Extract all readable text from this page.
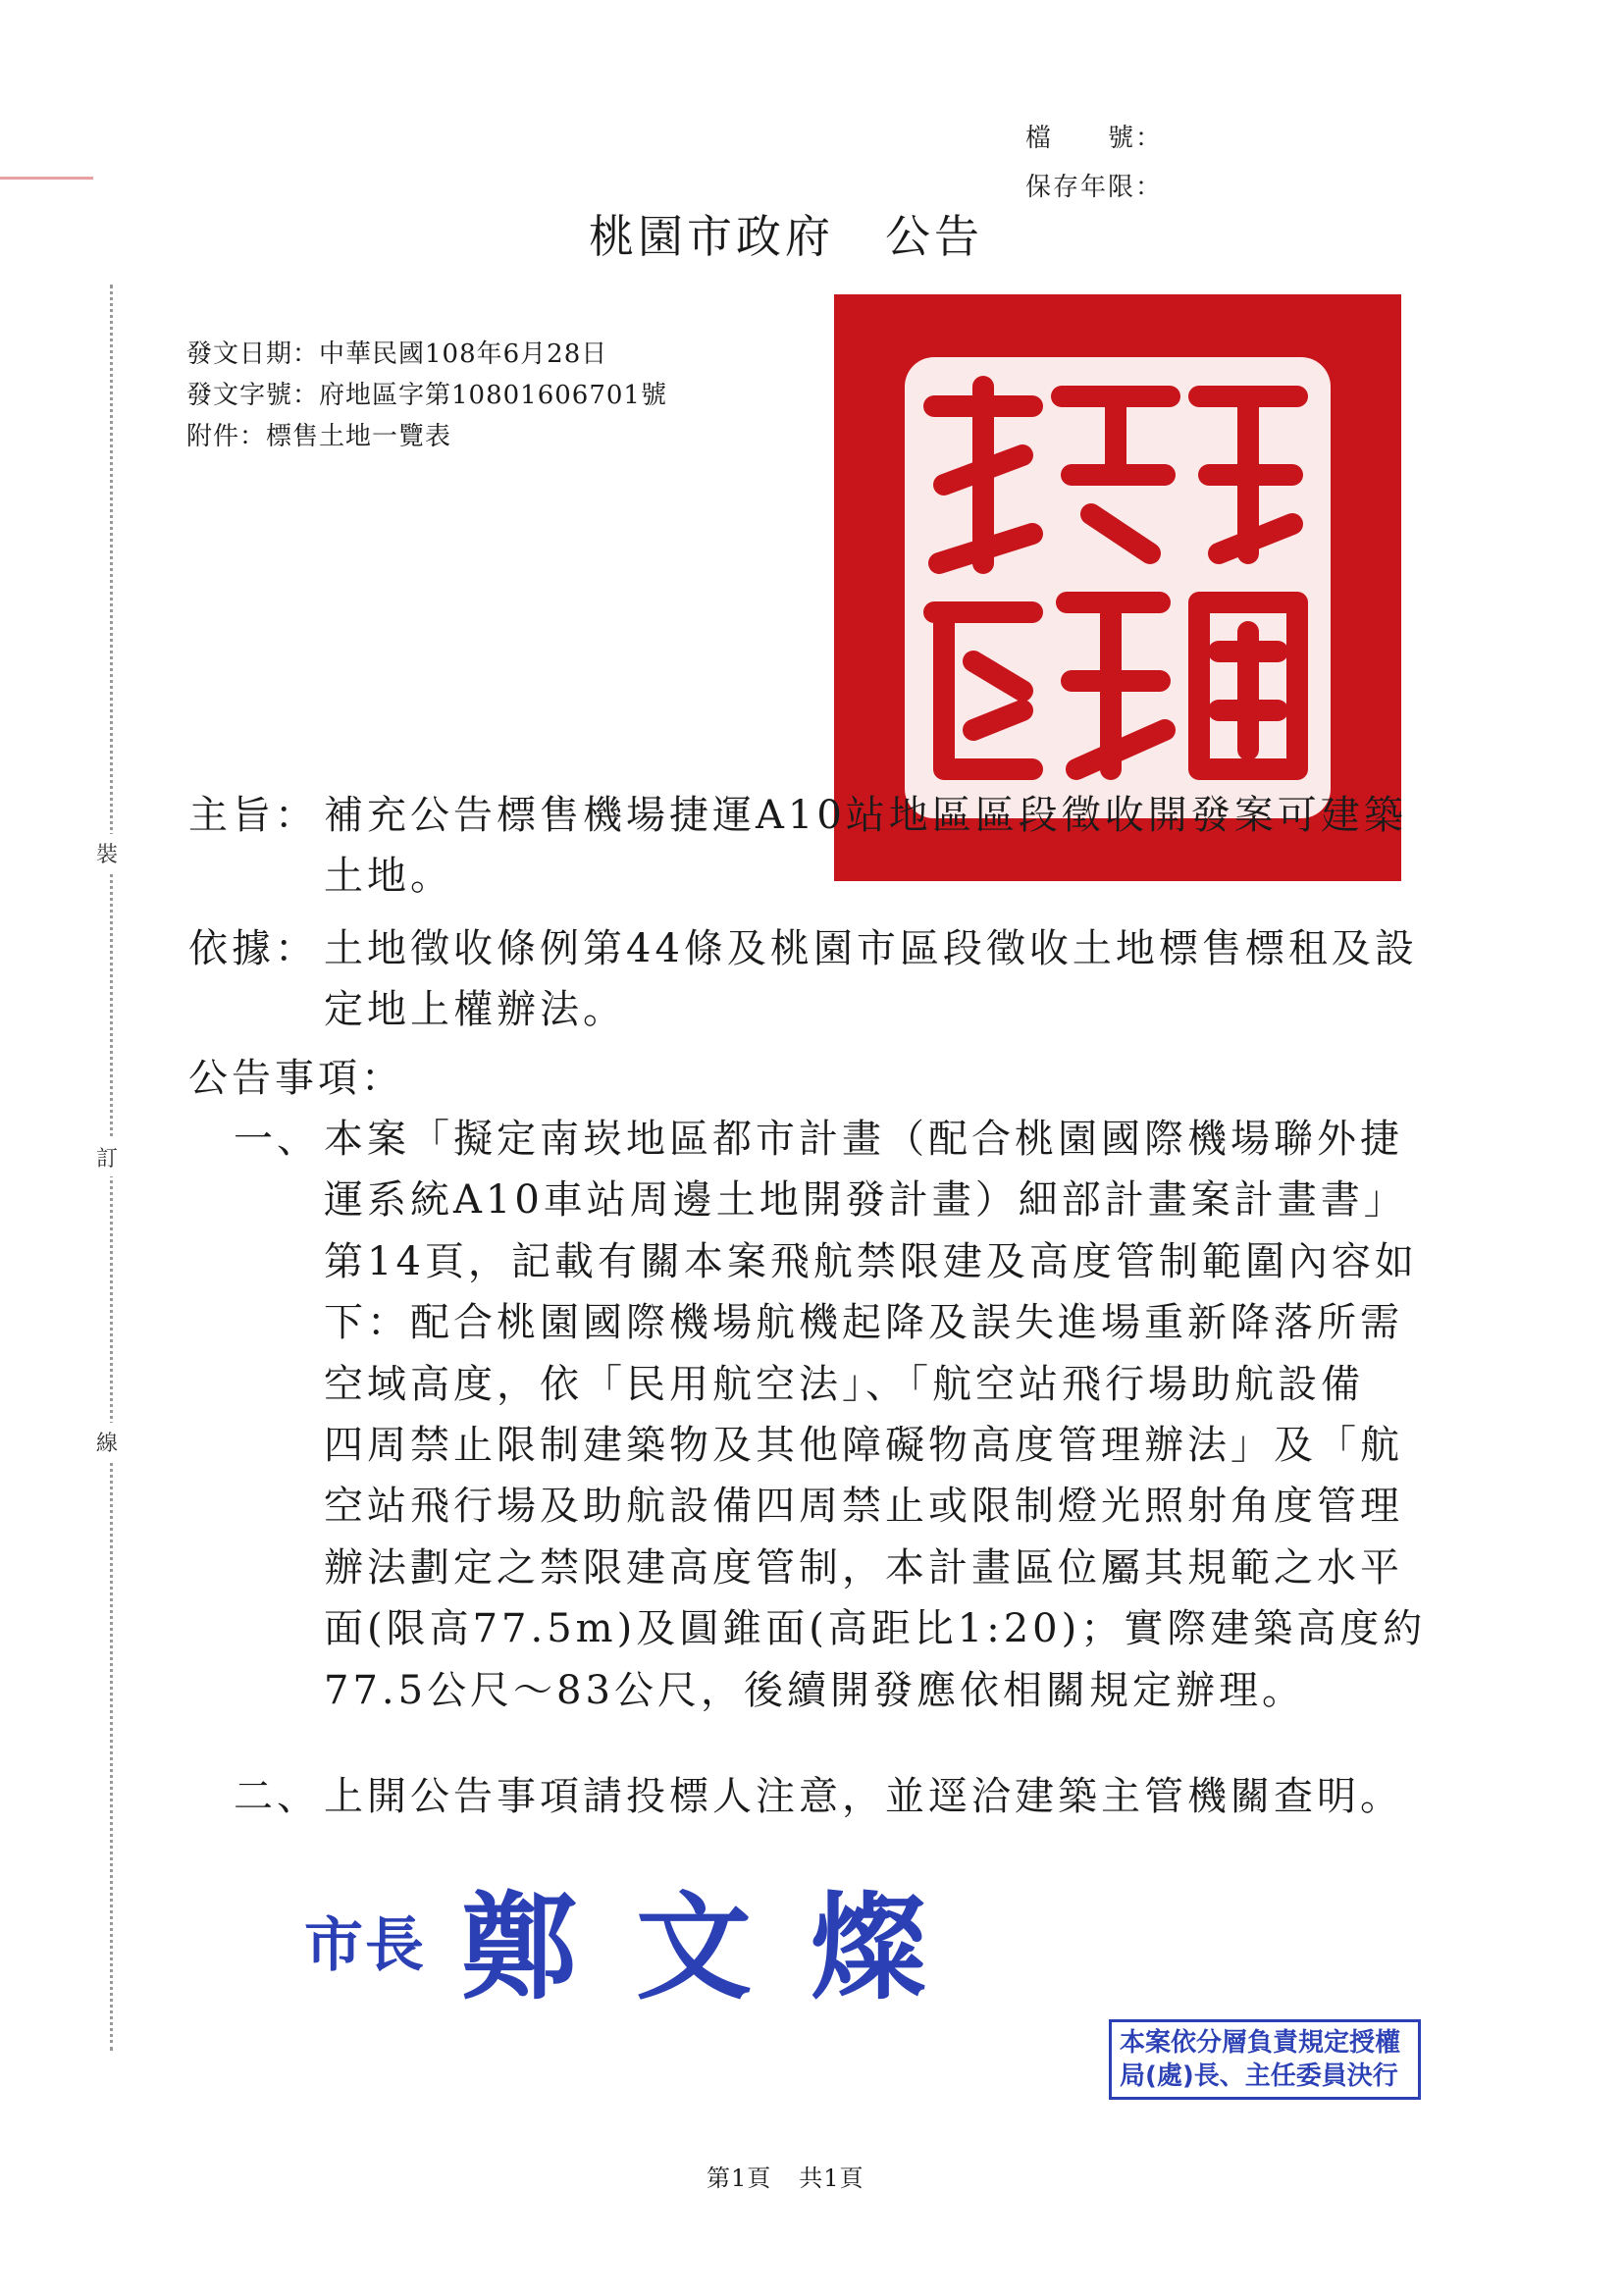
檔　　號：
保存年限：
裝
訂
線
桃園市政府 公告
發文日期：中華民國108年6月28日
發文字號：府地區字第10801606701號
附件：標售土地一覽表
主旨： 補充公告標售機場捷運A10站地區區段徵收開發案可建築
土地。
依據： 土地徵收條例第44條及桃園市區段徵收土地標售標租及設
定地上權辦法。
公告事項：
一、 本案「擬定南崁地區都市計畫（配合桃園國際機場聯外捷
運系統A10車站周邊土地開發計畫）細部計畫案計畫書」
第14頁，記載有關本案飛航禁限建及高度管制範圍內容如
下：配合桃園國際機場航機起降及誤失進場重新降落所需
空域高度，依「民用航空法」、「航空站飛行場助航設備
四周禁止限制建築物及其他障礙物高度管理辦法」及「航
空站飛行場及助航設備四周禁止或限制燈光照射角度管理
辦法劃定之禁限建高度管制，本計畫區位屬其規範之水平
面(限高77.5m)及圓錐面(高距比1:20)；實際建築高度約
77.5公尺～83公尺，後續開發應依相關規定辦理。
二、 上開公告事項請投標人注意，並逕洽建築主管機關查明。
市長 鄭文燦
本案依分層負責規定授權
局(處)長、主任委員決行
第1頁 共1頁
